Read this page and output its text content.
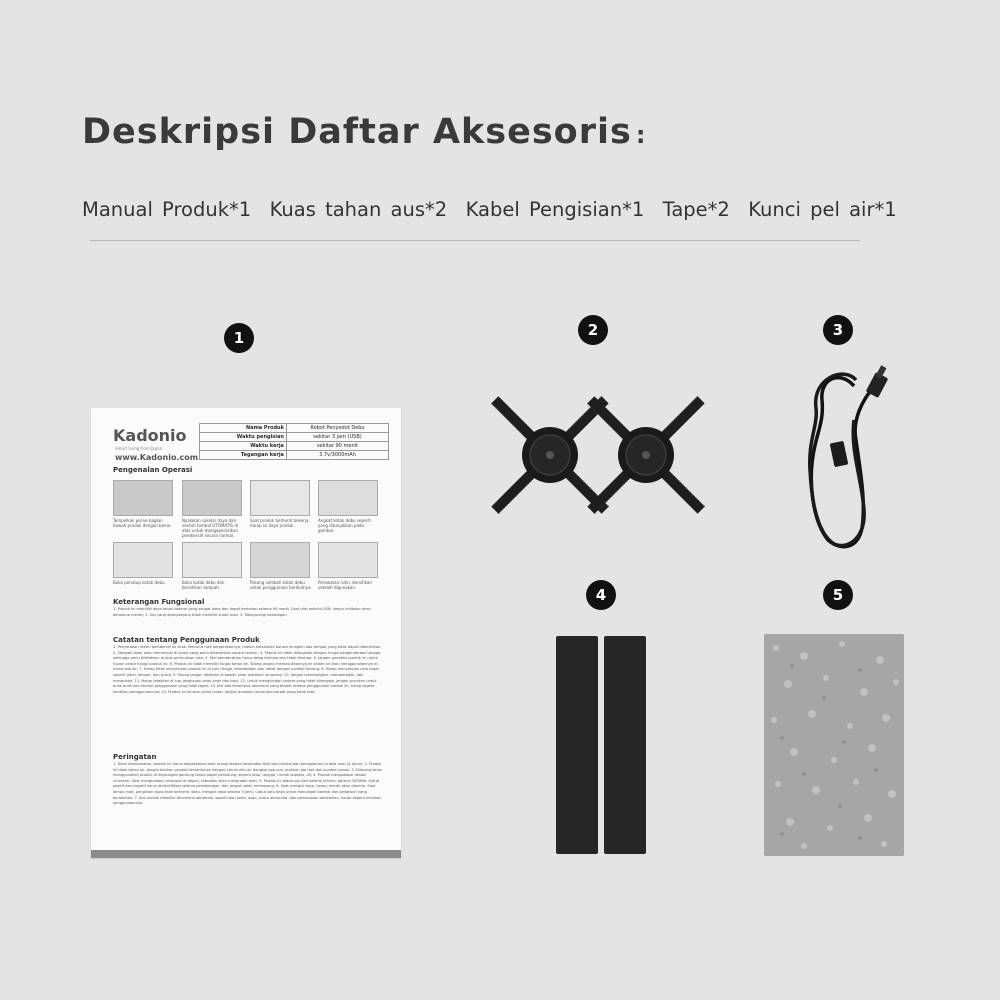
Deskripsi Daftar Aksesoris :
Manual Produk*1 Kuas tahan aus*2 Kabel Pengisian*1 Tape*2 Kunci pel air*1
1	2	3
4	5
Kadonio
Smart living from Japan
www.Kadonio.com
Nama Produk	Robot Penyedot Debu
Waktu pengisian	sekitar 3 jam (USB)
Waktu kerja	sekitar 90 menit
Tegangan kerja	3.7v/3000mAh
Pengenalan Operasi
Tempelkan pel ke bagian bawah produk dengan benar.
Nyalakan sakelar daya dan sentuh tombol OTOMATIS di atas untuk mengoperasikan pembersih secara normal.
Saat produk berhenti bekerja, harap isi daya produk.
Angkat kotak debu seperti yang ditunjukkan pada gambar.
Buka penutup kotak debu.	Buka kotak debu dan bersihkan sampah.
Pasang sembali kotak debu untuk penggunaan berikutnya.
Perawatan rutin, bersihkan setelah digunakan.
Keterangan Fungsional
1. Produk ini memiliki daya tahan baterai yang sangat lama dan dapat bertahan selama 90 menit. Saat diisi melalui USB, lampu indikator akan berwarna merah; 2. Sisi yang diperpanjang tidak memiliki sudut mati. 3. Mengurangi kebisingan
Catatan tentang Penggunaan Produk
1. Penyerakan mesin pembersih ini acak. Menurut rute pergerakannya, mohon ketahuilah bahwa mungkin ada tempat yang tidak dapat dibersihkan. 2. Sampah kotor akan menempel di lantai yang perlu dibersihkan secara teratur; 3. Produk ini tidak dilengkapi dengan fungsi pengenderaan tangga, sehingga perlu diletakkan di atas permukaan rata; 4. Pori pembersihan harus tetap terbuka dan tidak ditutupi; 5. Jangan gunakan produk ini untuk tujuan selain fungsi produk ini; 6. Produk ini tidak memiliki fungsi tahan air. Tolong jangan memasukkannya ke dalam air atau menggunakannya di mana ada air; 7. Harap tidak menyimpan produk ini di suhu tinggi, kelembaban dan dekat dengan sumber barang; 8. Harap menyimpan cara kasar seperti jatuh, lempar, dan pukul; 9. Tolong jangan letakkan di bawah sinar matahari langsung; 10. Jangan membongkar, memperbaiki, dan mengubah; 11. Harap letakkan di luar jangkauan anak-anak dan bayi; 12. Untuk menghindari cedera yang tidak disengaja, jangan gunakan untuk anak-anak dan hindari penggunaan yang tidak tepat; 13. Jika ada fenomena abnormal yang terjadi selama penggunaan produk ini, harap segera hentikan penggunaannya; 14. Produk ini khusus untuk lantai. Jangan gunakan lantai dan karpet yang tidak rata.
Peringatan
1. Demi keselamatan, produk ini harus dioperasikan oleh orang dengan kesehatan fisik dan mental dan pengalaman di atas usia 14 tahun; 2. Produk ini tidak tahan air. Jangan biarkan produk bersentuhan dengan cairan dan air dangkal apa pun. Jauhkan dari api dan sumber panas; 3. Dilarang keras menggunakan produk di lingkungan gantung tanpa pagar pelindung, seperti atap, tangga, rumah dupleks, dll; 4. Produk mengadopsi desain universal. Saat menghadapi rintangan di depan, tabrakan akan mengubah arah; 5. Produk ini didukung oleh baterai lithium, baterai 3000Ma. Kutub positif dan negatif harus diidentifikasi selama pemasangan, dan jangan salah memasang; 6. Saat mengisi daya, lampu merah akan diminta. Saat lampu mati, pengisian daya akan berhenti (atau, mengisi daya selama 3 jam). Cabut satu daya untuk mencegah baterai dan pengisian yang berlebihan; 7. Jika produk memiliki fenomena abnormal, seperti bau aneh, asap, suara abnormal, dan pemanasan berlebihan, harap segera hentikan penggunaannya.
